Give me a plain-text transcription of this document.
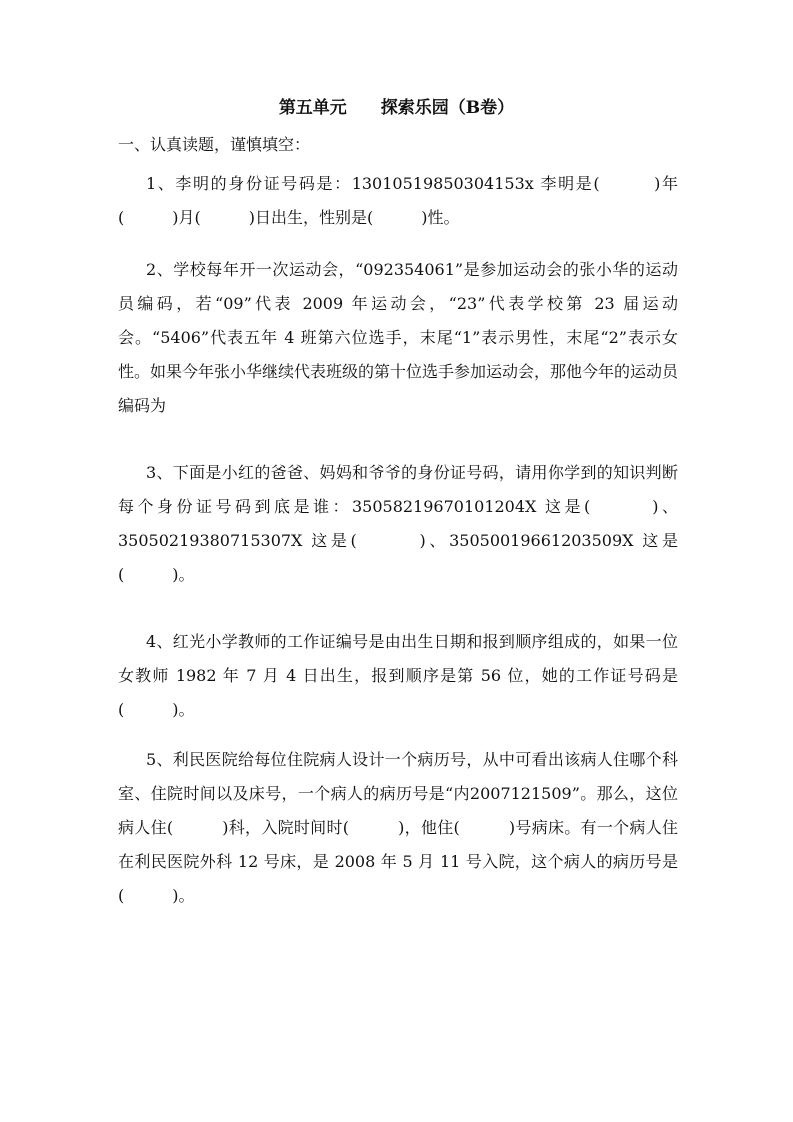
第五单元　　探索乐园（B卷）
一、认真读题，谨慎填空：

1、李明的身份证号码是：13010519850304153x 李明是(　　　)年(　　　)月(　　　)日出生，性别是(　　　)性。

2、学校每年开一次运动会，“092354061”是参加运动会的张小华的运动员编码，若“09”代表 2009 年运动会，“23”代表学校第 23 届运动会。“5406”代表五年 4 班第六位选手，末尾“1”表示男性，末尾“2”表示女性。如果今年张小华继续代表班级的第十位选手参加运动会，那他今年的运动员编码为

3、下面是小红的爸爸、妈妈和爷爷的身份证号码，请用你学到的知识判断每个身份证号码到底是谁：35058219670101204X 这是(　　　)、35050219380715307X 这是(　　　)、35050019661203509X 这是(　　　)。

4、红光小学教师的工作证编号是由出生日期和报到顺序组成的，如果一位女教师 1982 年 7 月 4 日出生，报到顺序是第 56 位，她的工作证号码是(　　　)。

5、利民医院给每位住院病人设计一个病历号，从中可看出该病人住哪个科室、住院时间以及床号，一个病人的病历号是“内2007121509”。那么，这位病人住(　　　)科，入院时间时(　　　)，他住(　　　)号病床。有一个病人住在利民医院外科 12 号床，是 2008 年 5 月 11 号入院，这个病人的病历号是(　　　)。
